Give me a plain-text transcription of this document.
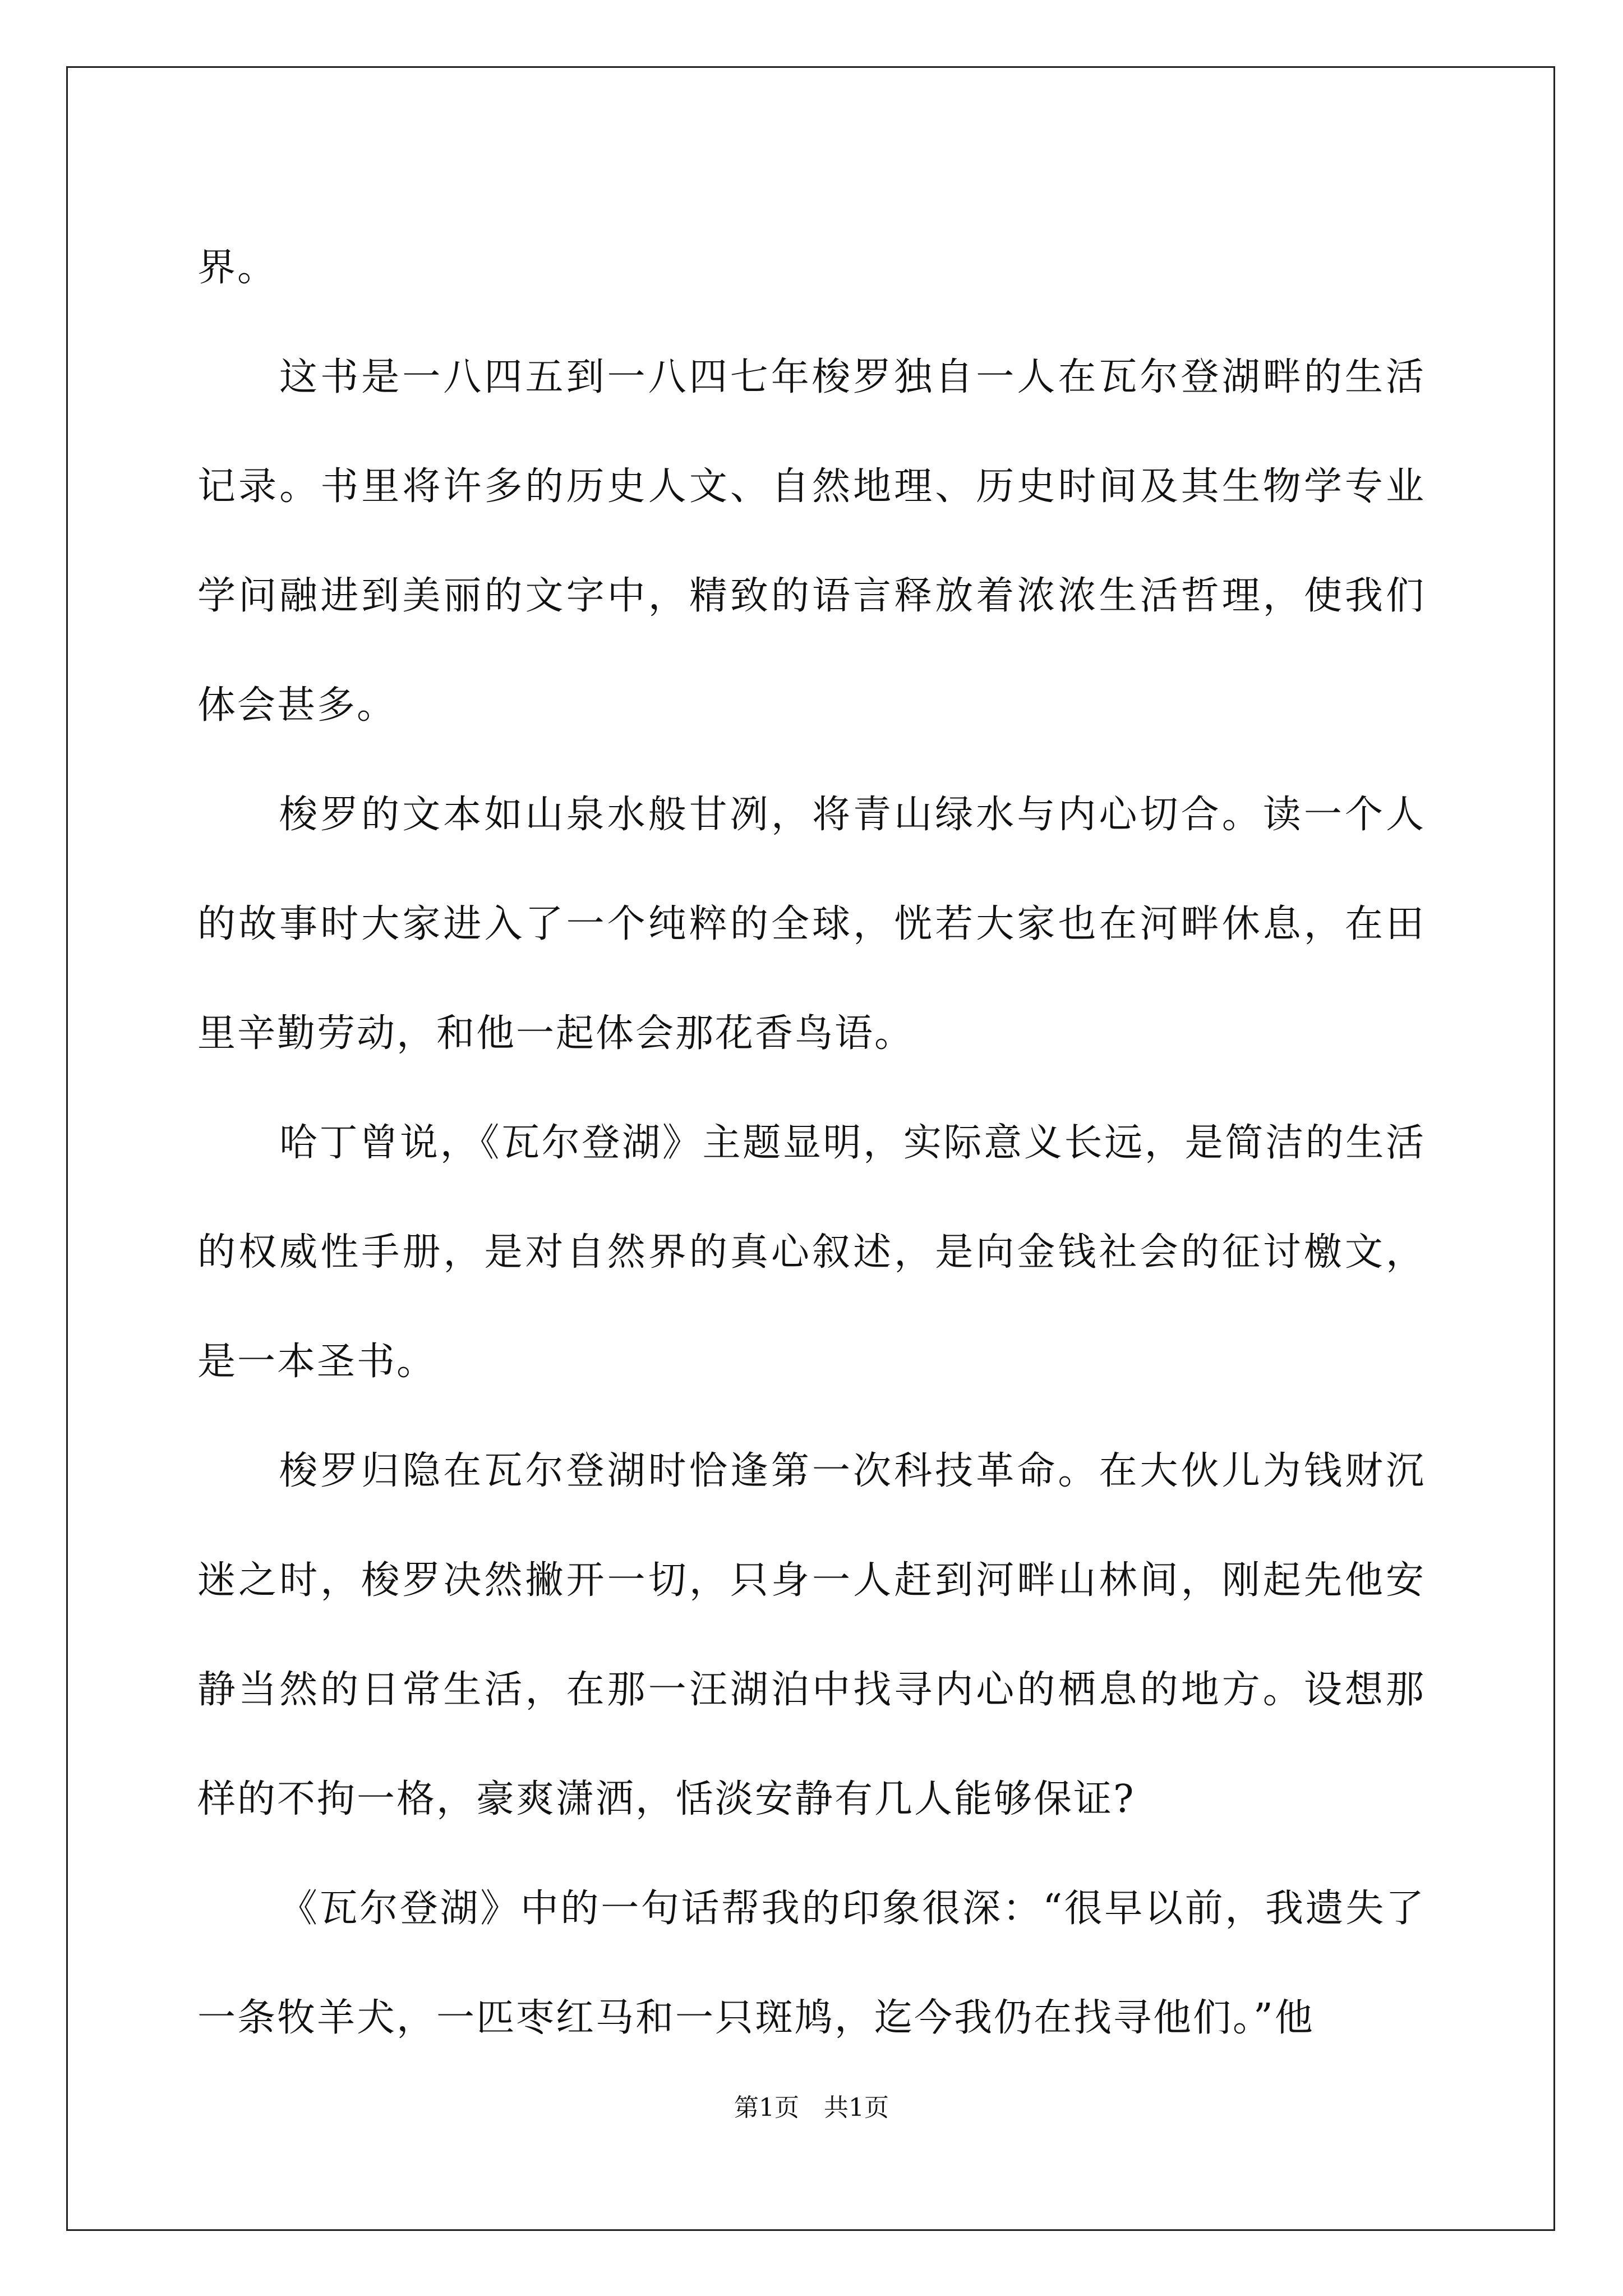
界。

这书是一八四五到一八四七年梭罗独自一人在瓦尔登湖畔的生活记录。书里将许多的历史人文、自然地理、历史时间及其生物学专业学问融进到美丽的文字中，精致的语言释放着浓浓生活哲理，使我们体会甚多。

梭罗的文本如山泉水般甘冽，将青山绿水与内心切合。读一个人的故事时大家进入了一个纯粹的全球，恍若大家也在河畔休息，在田里辛勤劳动，和他一起体会那花香鸟语。

哈丁曾说，《瓦尔登湖》主题显明，实际意义长远，是简洁的生活的权威性手册，是对自然界的真心叙述，是向金钱社会的征讨檄文，是一本圣书。

梭罗归隐在瓦尔登湖时恰逢第一次科技革命。在大伙儿为钱财沉迷之时，梭罗决然撇开一切，只身一人赶到河畔山林间，刚起先他安静当然的日常生活，在那一汪湖泊中找寻内心的栖息的地方。设想那样的不拘一格，豪爽潇洒，恬淡安静有几人能够保证?

《瓦尔登湖》中的一句话帮我的印象很深：“很早以前，我遗失了一条牧羊犬，一匹枣红马和一只斑鸠，迄今我仍在找寻他们。”他

第1页　共1页
